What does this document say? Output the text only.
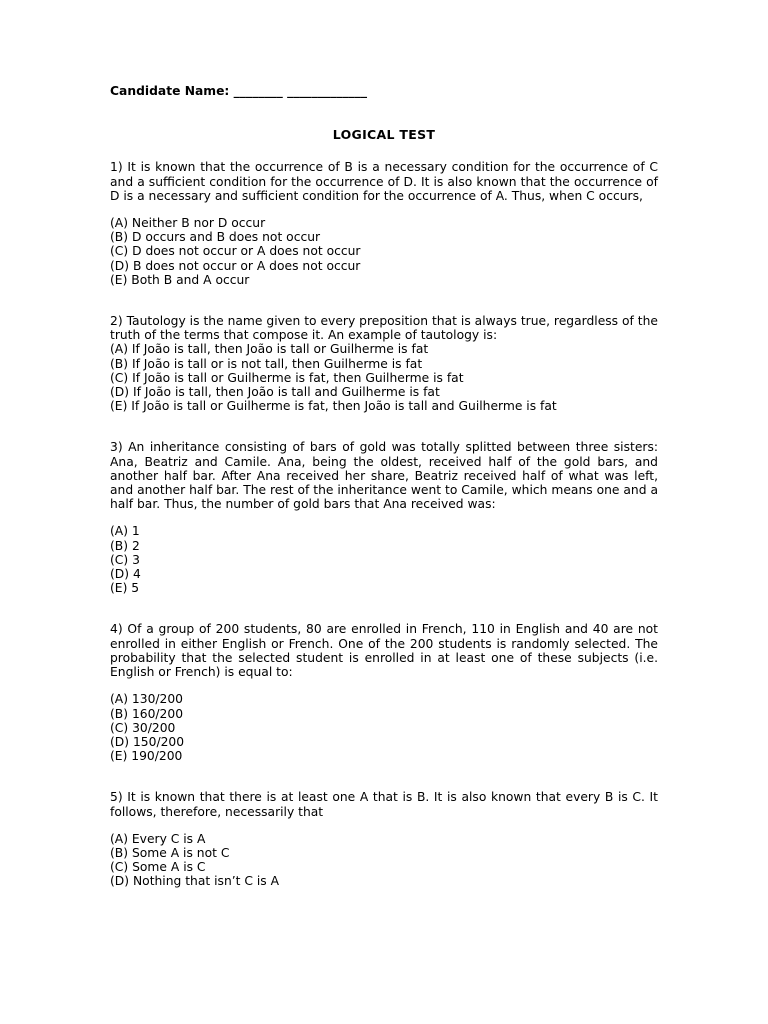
Candidate Name: ________ _____________

LOGICAL TEST

1) It is known that the occurrence of B is a necessary condition for the occurrence of C and a sufficient condition for the occurrence of D. It is also known that the occurrence of D is a necessary and sufficient condition for the occurrence of A. Thus, when C occurs,

(A) Neither B nor D occur
(B) D occurs and B does not occur
(C) D does not occur or A does not occur
(D) B does not occur or A does not occur
(E) Both B and A occur

2) Tautology is the name given to every preposition that is always true, regardless of the truth of the terms that compose it. An example of tautology is:

(A) If João is tall, then João is tall or Guilherme is fat
(B) If João is tall or is not tall, then Guilherme is fat
(C) If João is tall or Guilherme is fat, then Guilherme is fat
(D) If João is tall, then João is tall and Guilherme is fat
(E) If João is tall or Guilherme is fat, then João is tall and Guilherme is fat

3) An inheritance consisting of bars of gold was totally splitted between three sisters: Ana, Beatriz and Camile. Ana, being the oldest, received half of the gold bars, and another half bar. After Ana received her share, Beatriz received half of what was left, and another half bar. The rest of the inheritance went to Camile, which means one and a half bar. Thus, the number of gold bars that Ana received was:

(A) 1
(B) 2
(C) 3
(D) 4
(E) 5

4) Of a group of 200 students, 80 are enrolled in French, 110 in English and 40 are not enrolled in either English or French. One of the 200 students is randomly selected. The probability that the selected student is enrolled in at least one of these subjects (i.e. English or French) is equal to:

(A) 130/200
(B) 160/200
(C) 30/200
(D) 150/200
(E) 190/200

5) It is known that there is at least one A that is B. It is also known that every B is C. It follows, therefore, necessarily that

(A) Every C is A
(B) Some A is not C
(C) Some A is C
(D) Nothing that isn’t C is A
